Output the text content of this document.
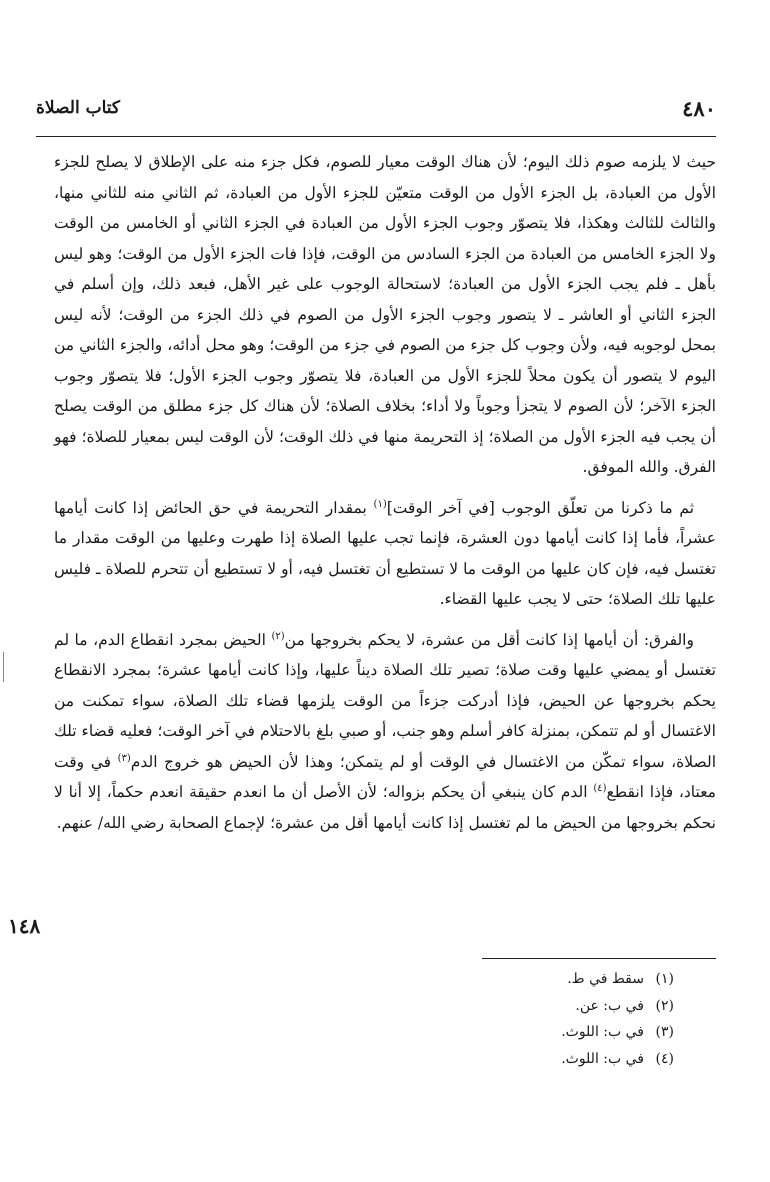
٤٨٠
كتاب الصلاة

حيث لا يلزمه صوم ذلك اليوم؛ لأن هناك الوقت معيار للصوم، فكل جزء منه على الإطلاق لا يصلح للجزء الأول من العبادة، بل الجزء الأول من الوقت متعيّن للجزء الأول من العبادة، ثم الثاني منه للثاني منها، والثالث للثالث وهكذا، فلا يتصوّر وجوب الجزء الأول من العبادة في الجزء الثاني أو الخامس من الوقت ولا الجزء الخامس من العبادة من الجزء السادس من الوقت، فإذا فات الجزء الأول من الوقت؛ وهو ليس بأهل ـ فلم يجب الجزء الأول من العبادة؛ لاستحالة الوجوب على غير الأهل، فبعد ذلك، وإن أسلم في الجزء الثاني أو العاشر ـ لا يتصور وجوب الجزء الأول من الصوم في ذلك الجزء من الوقت؛ لأنه ليس بمحل لوجوبه فيه، ولأن وجوب كل جزء من الصوم في جزء من الوقت؛ وهو محل أدائه، والجزء الثاني من اليوم لا يتصور أن يكون محلاً للجزء الأول من العبادة، فلا يتصوّر وجوب الجزء الأول؛ فلا يتصوّر وجوب الجزء الآخر؛ لأن الصوم لا يتجزأ وجوباً ولا أداء؛ بخلاف الصلاة؛ لأن هناك كل جزء مطلق من الوقت يصلح أن يجب فيه الجزء الأول من الصلاة؛ إذ التحريمة منها في ذلك الوقت؛ لأن الوقت ليس بمعيار للصلاة؛ فهو الفرق. والله الموفق.

ثم ما ذكرنا من تعلّق الوجوب [في آخر الوقت]$^{(١)}$ بمقدار التحريمة في حق الحائض إذا كانت أيامها عشراً، فأما إذا كانت أيامها دون العشرة، فإنما تجب عليها الصلاة إذا طهرت وعليها من الوقت مقدار ما تغتسل فيه، فإن كان عليها من الوقت ما لا تستطيع أن تغتسل فيه، أو لا تستطيع أن تتحرم للصلاة ـ فليس عليها تلك الصلاة؛ حتى لا يجب عليها القضاء.

والفرق: أن أيامها إذا كانت أقل من عشرة، لا يحكم بخروجها من$^{(٢)}$ الحيض بمجرد انقطاع الدم، ما لم تغتسل أو يمضي عليها وقت صلاة؛ تصير تلك الصلاة ديناً عليها، وإذا كانت أيامها عشرة؛ بمجرد الانقطاع يحكم بخروجها عن الحيض، فإذا أدركت جزءاً من الوقت يلزمها قضاء تلك الصلاة، سواء تمكنت من الاغتسال أو لم تتمكن، بمنزلة كافر أسلم وهو جنب، أو صبي بلغ بالاحتلام في آخر الوقت؛ فعليه قضاء تلك الصلاة، سواء تمكّن من الاغتسال في الوقت أو لم يتمكن؛ وهذا لأن الحيض هو خروج الدم$^{(٣)}$ في وقت معتاد، فإذا انقطع$^{(٤)}$ الدم كان ينبغي أن يحكم بزواله؛ لأن الأصل أن ما انعدم حقيقة انعدم حكماً، إلا أنا لا نحكم بخروجها من الحيض ما لم تغتسل إذا كانت أيامها أقل من عشرة؛ لإجماع الصحابة رضي الله/ عنهم.

١٤٨
(١)سقط في ط.
(٢)في ب: عن.
(٣)في ب: اللوث.
(٤)في ب: اللوث.
